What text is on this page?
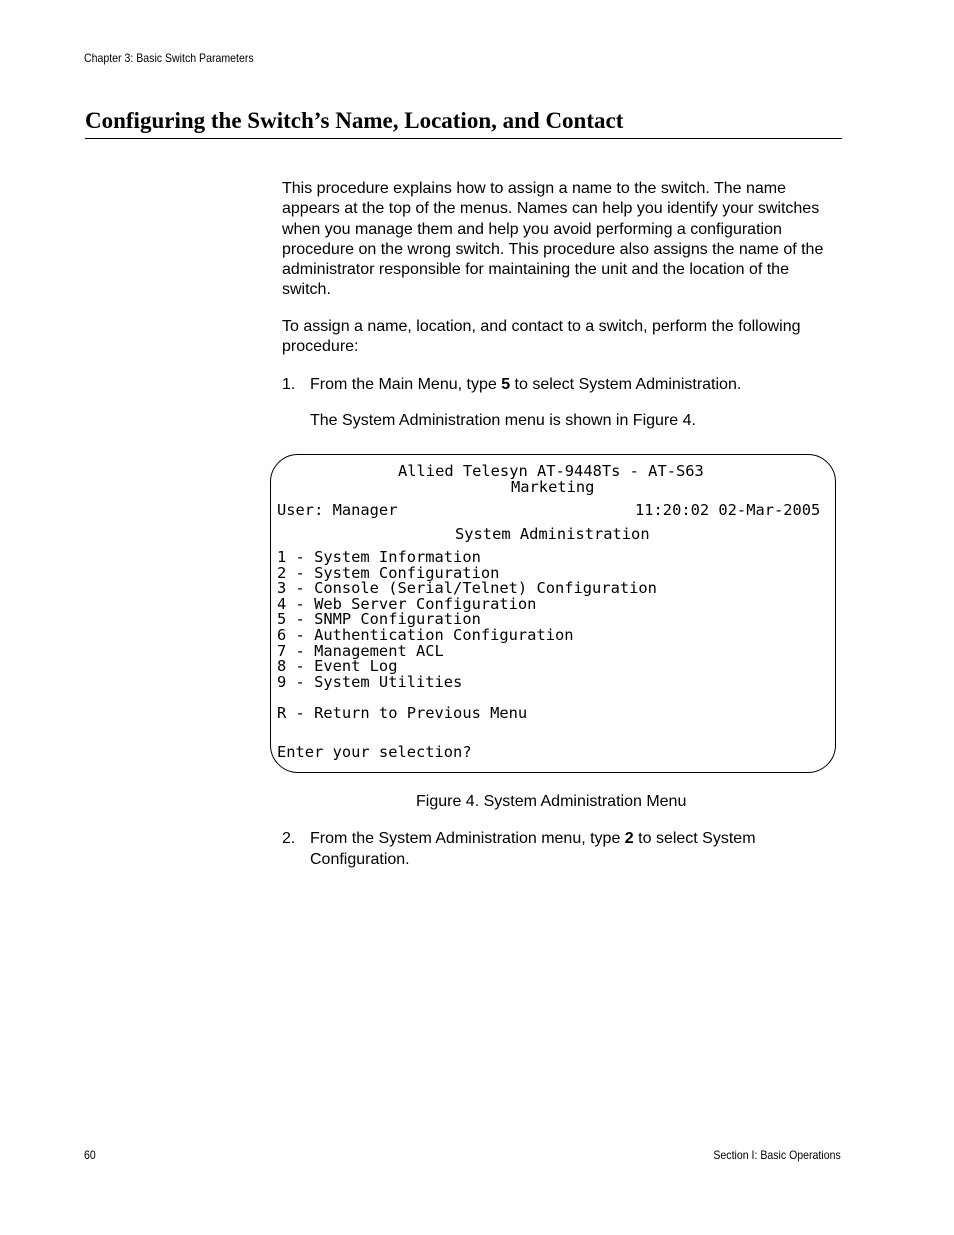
Chapter 3: Basic Switch Parameters
Configuring the Switch’s Name, Location, and Contact

This procedure explains how to assign a name to the switch. The name appears at the top of the menus. Names can help you identify your switches when you manage them and help you avoid performing a configuration procedure on the wrong switch. This procedure also assigns the name of the administrator responsible for maintaining the unit and the location of the switch.

To assign a name, location, and contact to a switch, perform the following procedure:

1. From the Main Menu, type 5 to select System Administration.
The System Administration menu is shown in Figure 4.
Allied Telesyn AT-9448Ts - AT-S63
Marketing
User: Manager	11:20:02 02-Mar-2005
System Administration
1 - System Information
2 - System Configuration
3 - Console (Serial/Telnet) Configuration
4 - Web Server Configuration
5 - SNMP Configuration
6 - Authentication Configuration
7 - Management ACL
8 - Event Log
9 - System Utilities
R - Return to Previous Menu
Enter your selection?
Figure 4. System Administration Menu
2. From the System Administration menu, type 2 to select System Configuration.
60	Section I: Basic Operations
